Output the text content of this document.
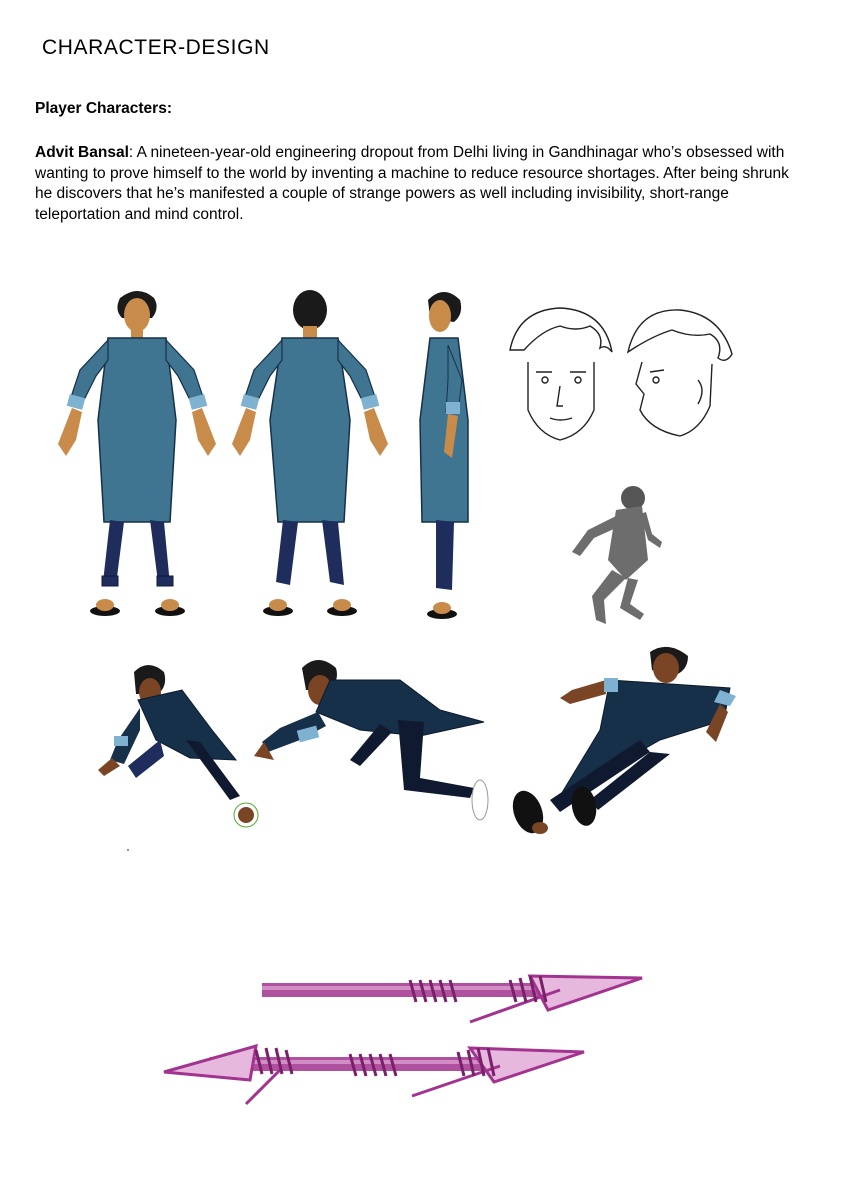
CHARACTER-DESIGN
Player Characters:

Advit Bansal: A nineteen-year-old engineering dropout from Delhi living in Gandhinagar who’s obsessed with wanting to prove himself to the world by inventing a machine to reduce resource shortages. After being shrunk he discovers that he’s manifested a couple of strange powers as well including invisibility, short-range teleportation and mind control.
